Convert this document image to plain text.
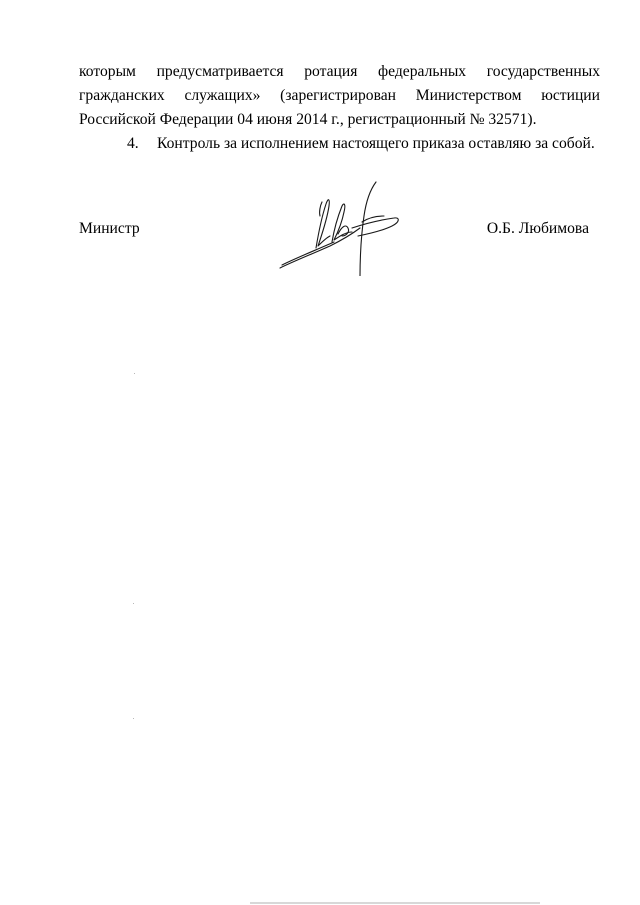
которым предусматривается ротация федеральных государственных
гражданских служащих» (зарегистрирован Министерством юстиции
Российской Федерации 04 июня 2014 г., регистрационный № 32571).
4.	Контроль за исполнением настоящего приказа оставляю за собой.
Министр	О.Б. Любимова
